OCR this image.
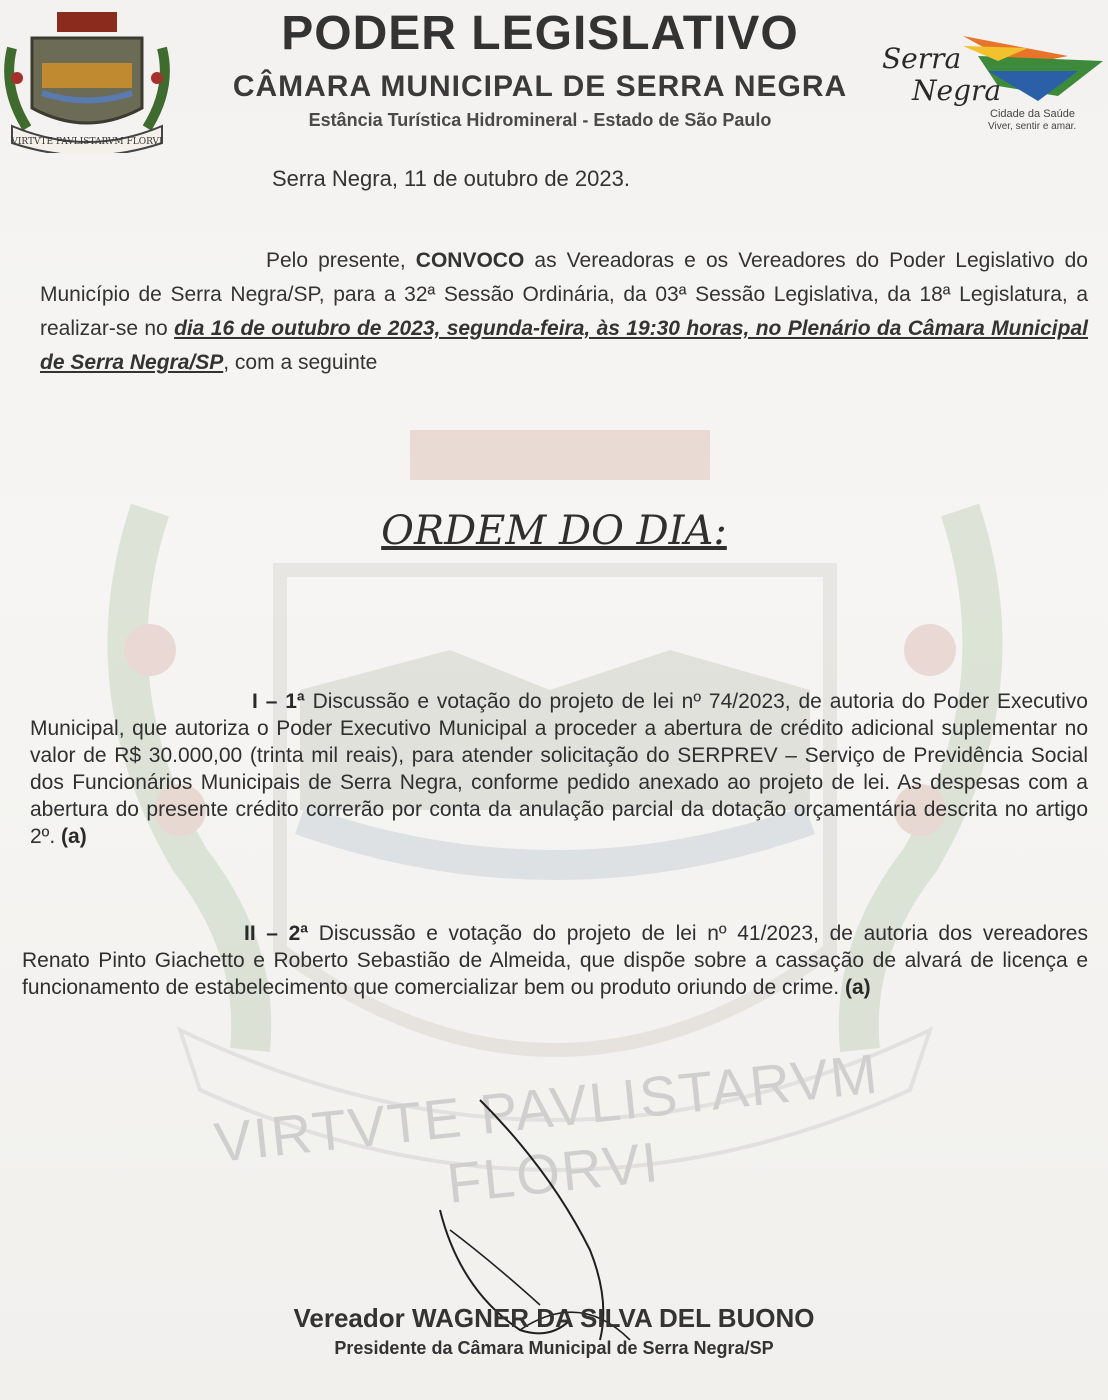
VIRTVTE PAVLISTARVM FLORVI
VIRTVTE PAVLISTARVM FLORVI
PODER LEGISLATIVO
CÂMARA MUNICIPAL DE SERRA NEGRA
Estância Turística Hidromineral - Estado de São Paulo
Serra
Negra
Cidade da Saúde
Viver, sentir e amar.
Serra Negra, 11 de outubro de 2023.
Pelo presente, CONVOCO as Vereadoras e os Vereadores do Poder Legislativo do Município de Serra Negra/SP, para a 32ª Sessão Ordinária, da 03ª Sessão Legislativa, da 18ª Legislatura, a realizar-se no dia 16 de outubro de 2023, segunda-feira, às 19:30 horas, no Plenário da Câmara Municipal de Serra Negra/SP, com a seguinte
ORDEM DO DIA:
I – 1ª Discussão e votação do projeto de lei nº 74/2023, de autoria do Poder Executivo Municipal, que autoriza o Poder Executivo Municipal a proceder a abertura de crédito adicional suplementar no valor de R$ 30.000,00 (trinta mil reais), para atender solicitação do SERPREV – Serviço de Previdência Social dos Funcionários Municipais de Serra Negra, conforme pedido anexado ao projeto de lei. As despesas com a abertura do presente crédito correrão por conta da anulação parcial da dotação orçamentária descrita no artigo 2º. (a)
II – 2ª Discussão e votação do projeto de lei nº 41/2023, de autoria dos vereadores Renato Pinto Giachetto e Roberto Sebastião de Almeida, que dispõe sobre a cassação de alvará de licença e funcionamento de estabelecimento que comercializar bem ou produto oriundo de crime. (a)
Vereador WAGNER DA SILVA DEL BUONO
Presidente da Câmara Municipal de Serra Negra/SP
